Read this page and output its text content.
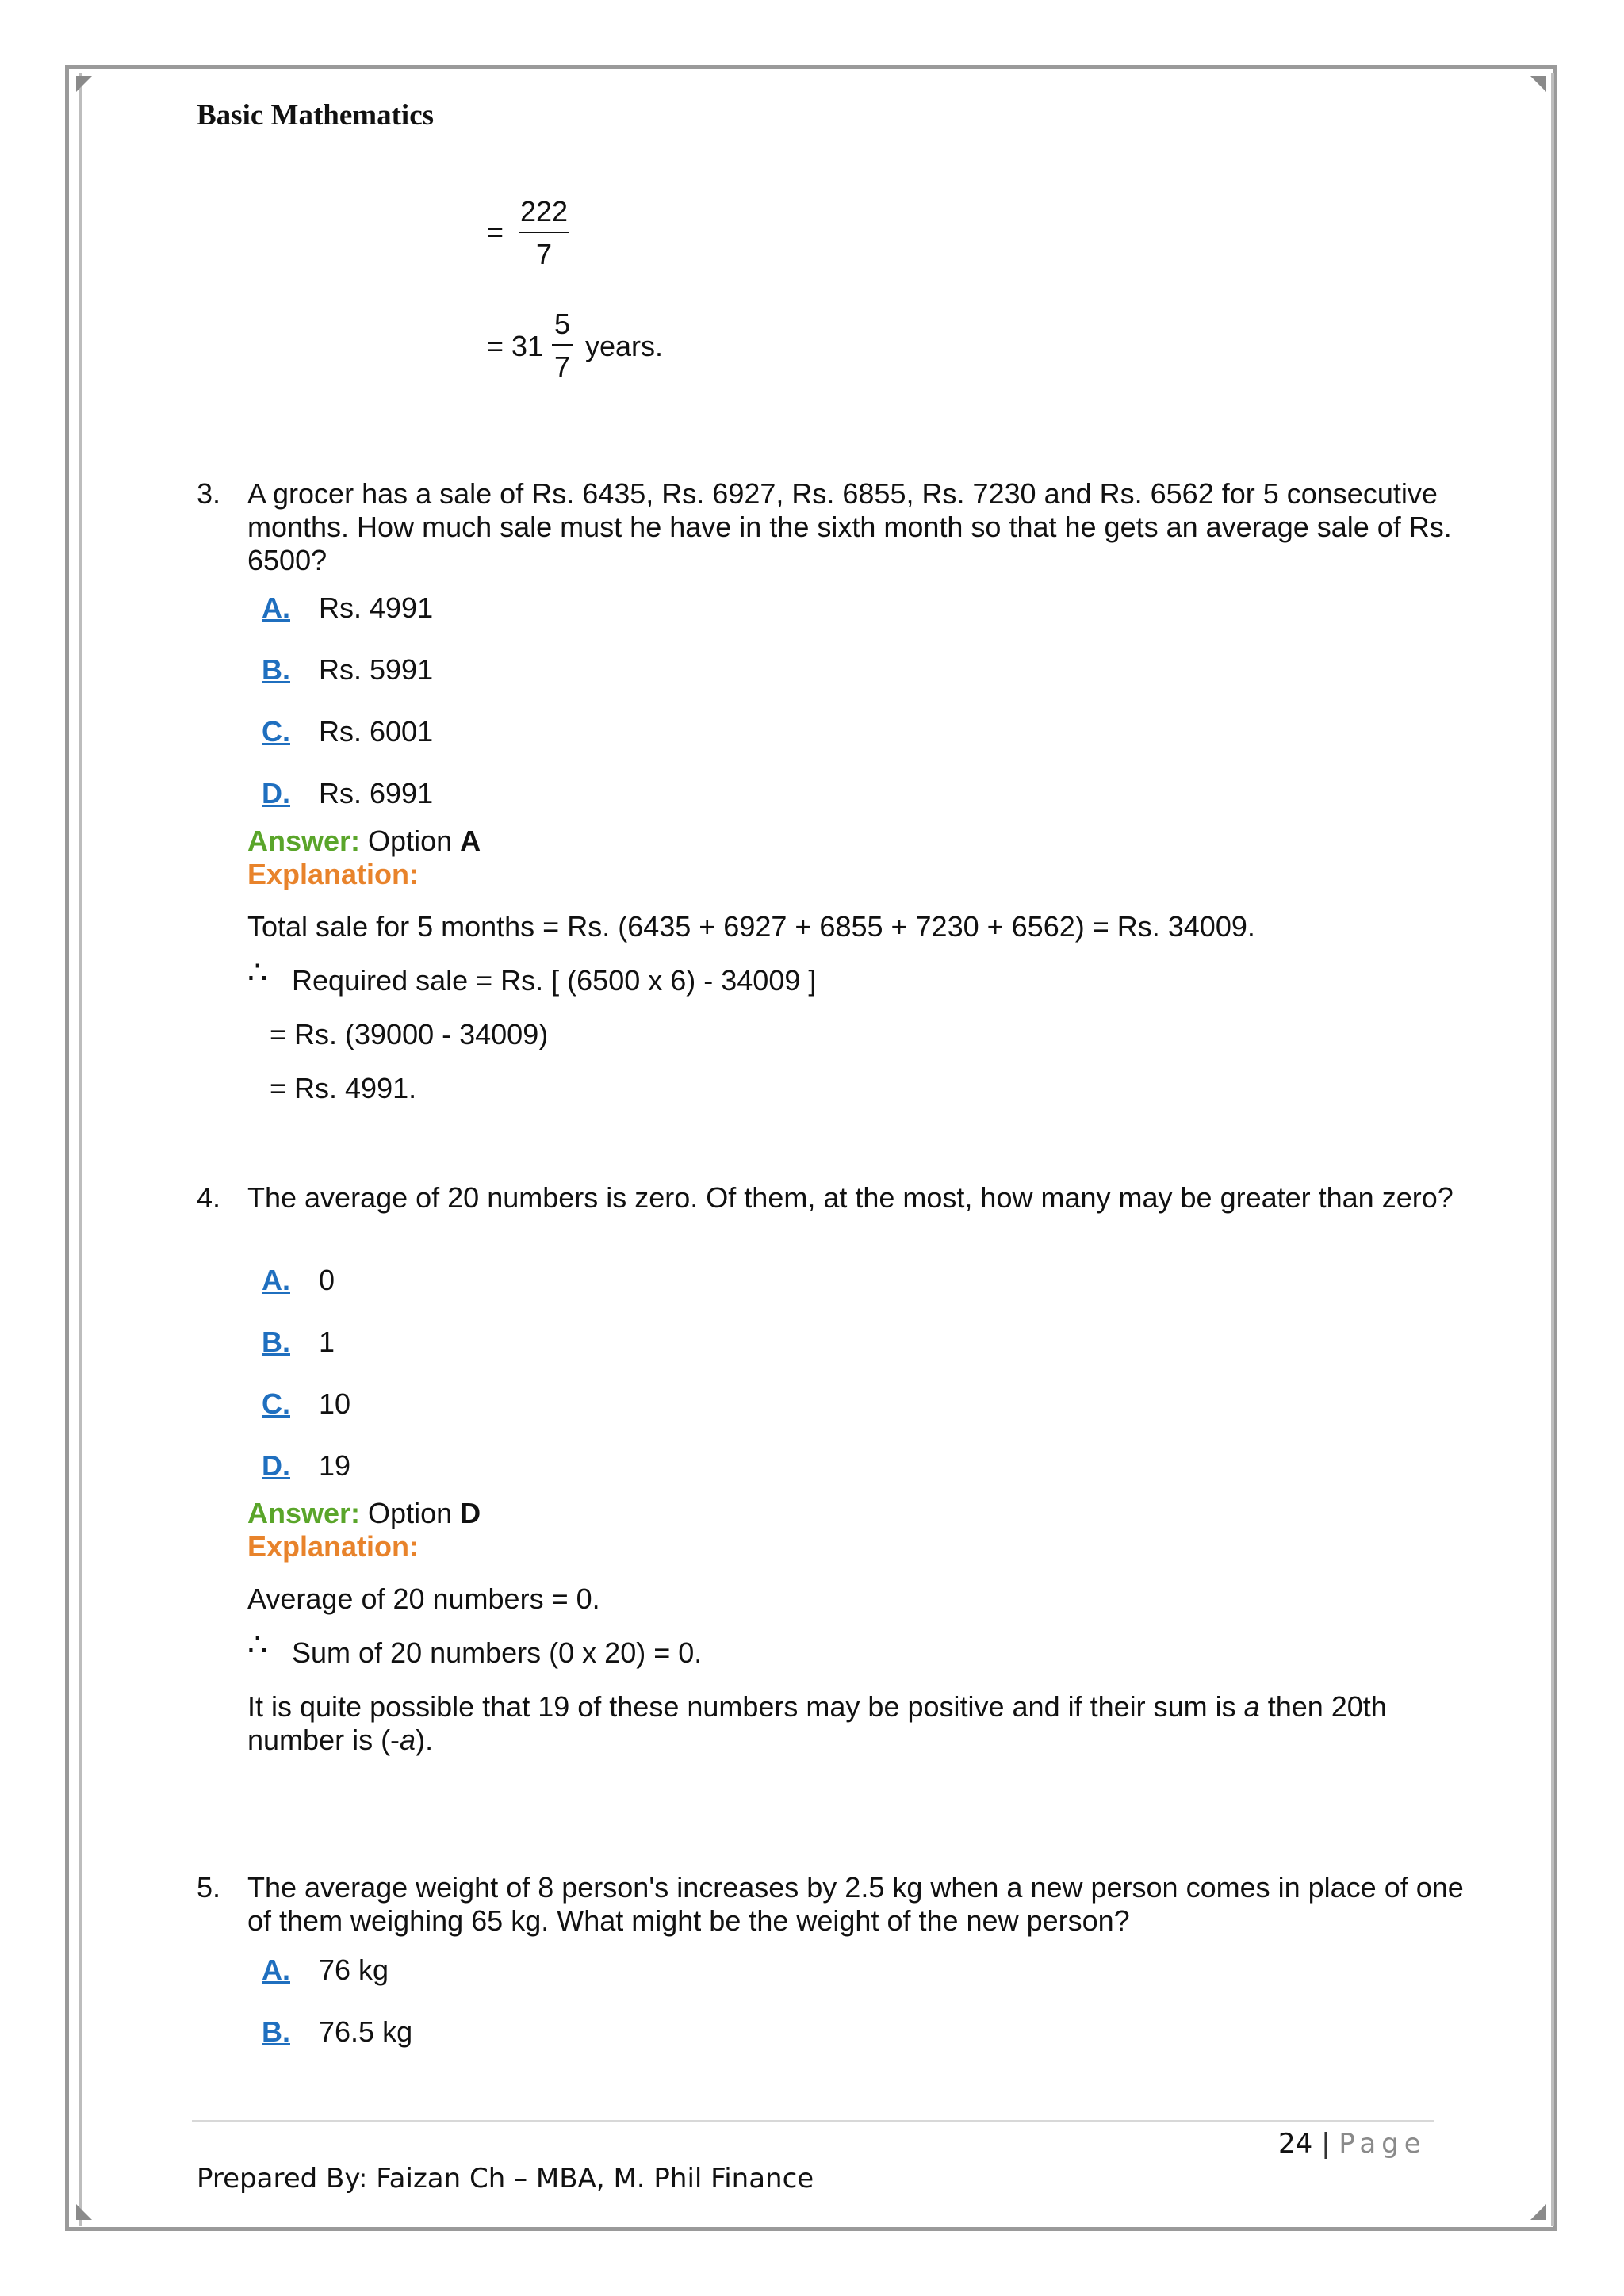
Basic Mathematics
= $\frac{222}{7}$
= $31 \frac{5}{7}$ years.
3. A grocer has a sale of Rs. 6435, Rs. 6927, Rs. 6855, Rs. 7230 and Rs. 6562 for 5 consecutive months. How much sale must he have in the sixth month so that he gets an average sale of Rs. 6500?
A. Rs. 4991
B. Rs. 5991
C. Rs. 6001
D. Rs. 6991
Answer: Option A
Explanation:
Total sale for 5 months = Rs. (6435 + 6927 + 6855 + 7230 + 6562) = Rs. 34009.
∴ Required sale = Rs. [ (6500 x 6) - 34009 ]
= Rs. (39000 - 34009)
= Rs. 4991.
4. The average of 20 numbers is zero. Of them, at the most, how many may be greater than zero?
A. 0
B. 1
C. 10
D. 19
Answer: Option D
Explanation:
Average of 20 numbers = 0.
∴ Sum of 20 numbers (0 x 20) = 0.
It is quite possible that 19 of these numbers may be positive and if their sum is a then 20th number is (-a).
5. The average weight of 8 person's increases by 2.5 kg when a new person comes in place of one of them weighing 65 kg. What might be the weight of the new person?
A. 76 kg
B. 76.5 kg
24 | Page
Prepared By: Faizan Ch – MBA, M. Phil Finance
